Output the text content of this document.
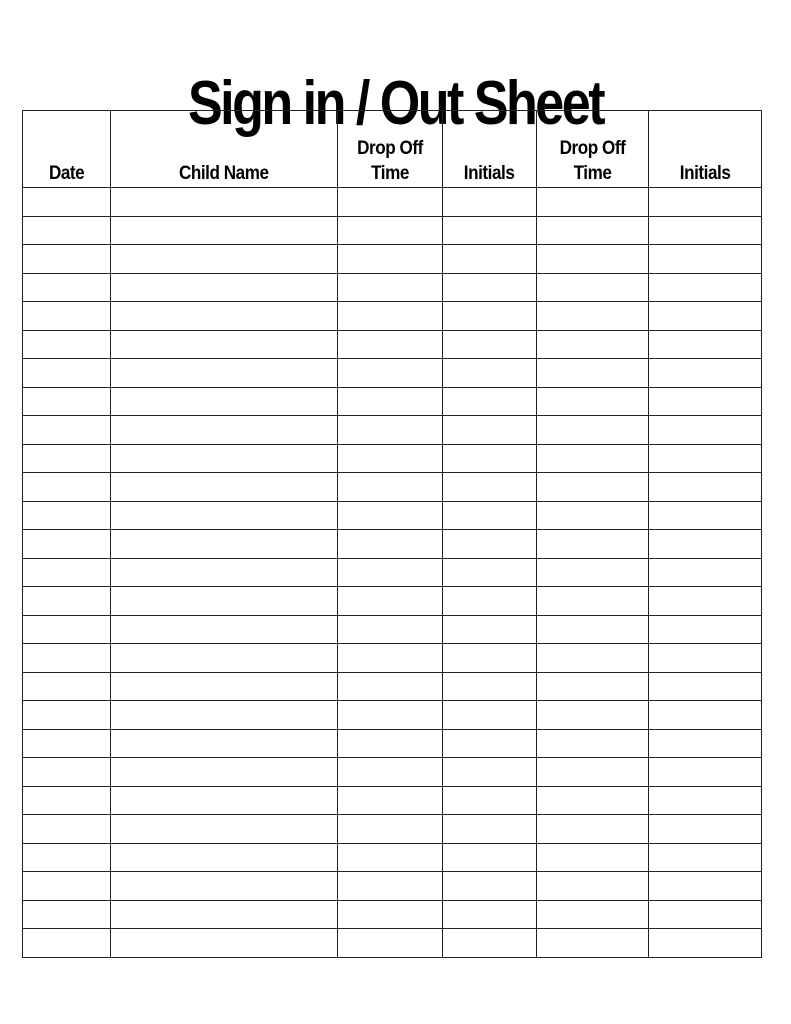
Sign in / Out Sheet
Date	Child Name	Drop Off Time	Initials	Drop Off Time	Initials
